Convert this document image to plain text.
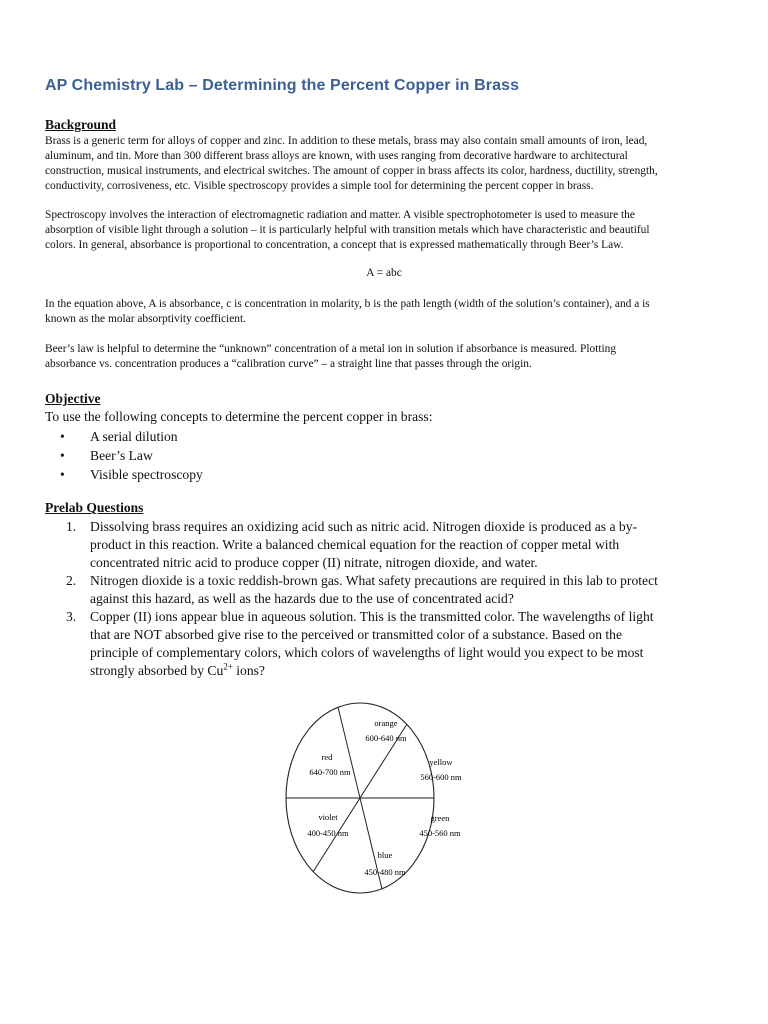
AP Chemistry Lab – Determining the Percent Copper in Brass
Background

Brass is a generic term for alloys of copper and zinc. In addition to these metals, brass may also contain small amounts of iron, lead,
aluminum, and tin. More than 300 different brass alloys are known, with uses ranging from decorative hardware to architectural
construction, musical instruments, and electrical switches. The amount of copper in brass affects its color, hardness, ductility, strength,
conductivity, corrosiveness, etc. Visible spectroscopy provides a simple tool for determining the percent copper in brass.

Spectroscopy involves the interaction of electromagnetic radiation and matter. A visible spectrophotometer is used to measure the
absorption of visible light through a solution – it is particularly helpful with transition metals which have characteristic and beautiful
colors. In general, absorbance is proportional to concentration, a concept that is expressed mathematically through Beer’s Law.

A = abc

In the equation above, A is absorbance, c is concentration in molarity, b is the path length (width of the solution’s container), and a is
known as the molar absorptivity coefficient.

Beer’s law is helpful to determine the “unknown” concentration of a metal ion in solution if absorbance is measured. Plotting
absorbance vs. concentration produces a “calibration curve” – a straight line that passes through the origin.

Objective
To use the following concepts to determine the percent copper in brass:
• A serial dilution
• Beer’s Law
• Visible spectroscopy
Prelab Questions
1. Dissolving brass requires an oxidizing acid such as nitric acid. Nitrogen dioxide is produced as a by-
product in this reaction. Write a balanced chemical equation for the reaction of copper metal with
concentrated nitric acid to produce copper (II) nitrate, nitrogen dioxide, and water.
2. Nitrogen dioxide is a toxic reddish-brown gas. What safety precautions are required in this lab to protect
against this hazard, as well as the hazards due to the use of concentrated acid?
3. Copper (II) ions appear blue in aqueous solution. This is the transmitted color. The wavelengths of light
that are NOT absorbed give rise to the perceived or transmitted color of a substance. Based on the
principle of complementary colors, which colors of wavelengths of light would you expect to be most
strongly absorbed by $Cu^{2+}$ ions?
orange
600-640 nm
yellow
560-600 nm
green
450-560 nm
blue
450-480 nm
violet
400-450 nm
red
640-700 nm
